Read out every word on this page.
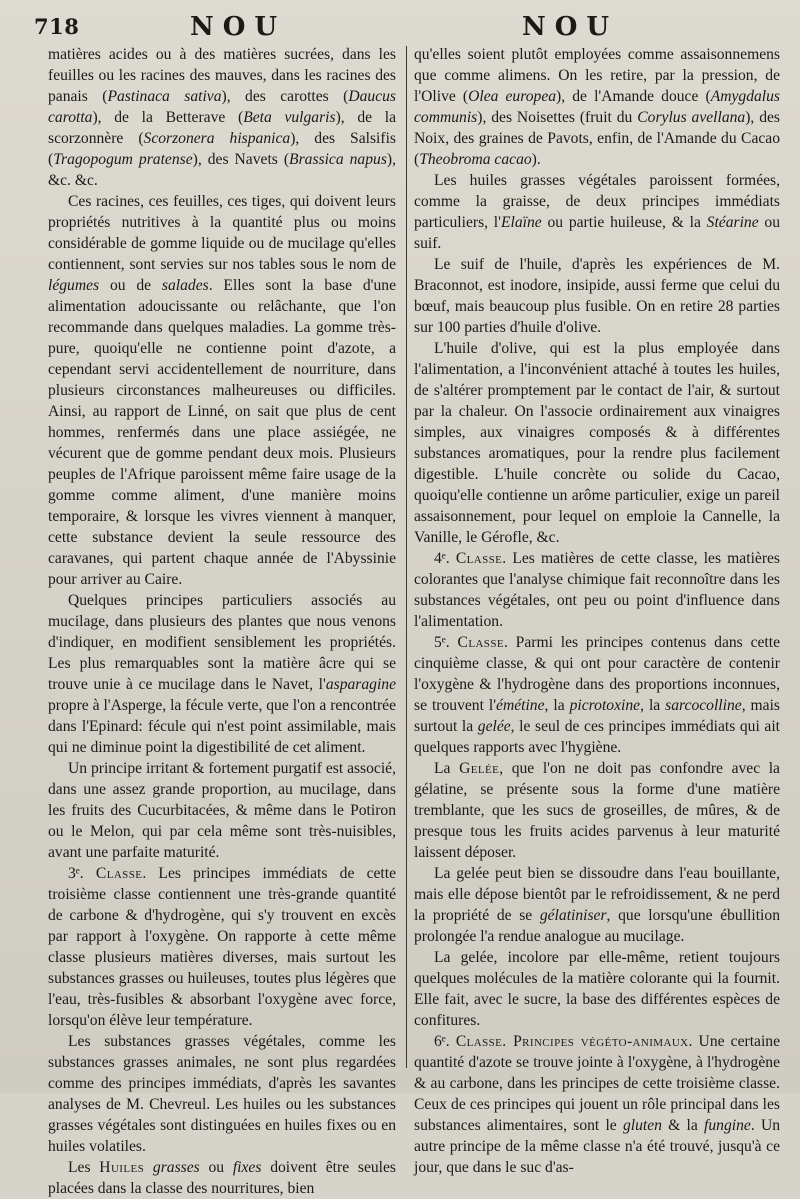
718	NOU	NOU

matières acides ou à des matières sucrées, dans les feuilles ou les racines des mauves, dans les racines des panais (Pastinaca sativa), des carottes (Daucus carotta), de la Betterave (Beta vulgaris), de la scorzonnère (Scorzonera hispanica), des Salsifis (Tragopogum pratense), des Navets (Brassica napus), &c. &c.

Ces racines, ces feuilles, ces tiges, qui doivent leurs propriétés nutritives à la quantité plus ou moins considérable de gomme liquide ou de mucilage qu'elles contiennent, sont servies sur nos tables sous le nom de légumes ou de salades. Elles sont la base d'une alimentation adoucissante ou relâchante, que l'on recommande dans quelques maladies. La gomme très-pure, quoiqu'elle ne contienne point d'azote, a cependant servi accidentellement de nourriture, dans plusieurs circonstances malheureuses ou difficiles. Ainsi, au rapport de Linné, on sait que plus de cent hommes, renfermés dans une place assiégée, ne vécurent que de gomme pendant deux mois. Plusieurs peuples de l'Afrique paroissent même faire usage de la gomme comme aliment, d'une manière moins temporaire, & lorsque les vivres viennent à manquer, cette substance devient la seule ressource des caravanes, qui partent chaque année de l'Abyssinie pour arriver au Caire.

Quelques principes particuliers associés au mucilage, dans plusieurs des plantes que nous venons d'indiquer, en modifient sensiblement les propriétés. Les plus remarquables sont la matière âcre qui se trouve unie à ce mucilage dans le Navet, l'asparagine propre à l'Asperge, la fécule verte, que l'on a rencontrée dans l'Epinard: fécule qui n'est point assimilable, mais qui ne diminue point la digestibilité de cet aliment.

Un principe irritant & fortement purgatif est associé, dans une assez grande proportion, au mucilage, dans les fruits des Cucurbitacées, & même dans le Potiron ou le Melon, qui par cela même sont très-nuisibles, avant une parfaite maturité.

3ᵉ. Classe. Les principes immédiats de cette troisième classe contiennent une très-grande quantité de carbone & d'hydrogène, qui s'y trouvent en excès par rapport à l'oxygène. On rapporte à cette même classe plusieurs matières diverses, mais surtout les substances grasses ou huileuses, toutes plus légères que l'eau, très-fusibles & absorbant l'oxygène avec force, lorsqu'on élève leur température.

Les substances grasses végétales, comme les substances grasses animales, ne sont plus regardées comme des principes immédiats, d'après les savantes analyses de M. Chevreul. Les huiles ou les substances grasses végétales sont distinguées en huiles fixes ou en huiles volatiles.

Les Huiles grasses ou fixes doivent être seules placées dans la classe des nourritures, bien

qu'elles soient plutôt employées comme assaisonnemens que comme alimens. On les retire, par la pression, de l'Olive (Olea europea), de l'Amande douce (Amygdalus communis), des Noisettes (fruit du Corylus avellana), des Noix, des graines de Pavots, enfin, de l'Amande du Cacao (Theobroma cacao).

Les huiles grasses végétales paroissent formées, comme la graisse, de deux principes immédiats particuliers, l'Elaïne ou partie huileuse, & la Stéarine ou suif.

Le suif de l'huile, d'après les expériences de M. Braconnot, est inodore, insipide, aussi ferme que celui du bœuf, mais beaucoup plus fusible. On en retire 28 parties sur 100 parties d'huile d'olive.

L'huile d'olive, qui est la plus employée dans l'alimentation, a l'inconvénient attaché à toutes les huiles, de s'altérer promptement par le contact de l'air, & surtout par la chaleur. On l'associe ordinairement aux vinaigres simples, aux vinaigres composés & à différentes substances aromatiques, pour la rendre plus facilement digestible. L'huile concrète ou solide du Cacao, quoiqu'elle contienne un arôme particulier, exige un pareil assaisonnement, pour lequel on emploie la Cannelle, la Vanille, le Gérofle, &c.

4ᵉ. Classe. Les matières de cette classe, les matières colorantes que l'analyse chimique fait reconnoître dans les substances végétales, ont peu ou point d'influence dans l'alimentation.

5ᵉ. Classe. Parmi les principes contenus dans cette cinquième classe, & qui ont pour caractère de contenir l'oxygène & l'hydrogène dans des proportions inconnues, se trouvent l'émétine, la picrotoxine, la sarcocolline, mais surtout la gelée, le seul de ces principes immédiats qui ait quelques rapports avec l'hygiène.

La Gelée, que l'on ne doit pas confondre avec la gélatine, se présente sous la forme d'une matière tremblante, que les sucs de groseilles, de mûres, & de presque tous les fruits acides parvenus à leur maturité laissent déposer.

La gelée peut bien se dissoudre dans l'eau bouillante, mais elle dépose bientôt par le refroidissement, & ne perd la propriété de se gélatiniser, que lorsqu'une ébullition prolongée l'a rendue analogue au mucilage.

La gelée, incolore par elle-même, retient toujours quelques molécules de la matière colorante qui la fournit. Elle fait, avec le sucre, la base des différentes espèces de confitures.

6ᵉ. Classe. Principes végéto-animaux. Une certaine quantité d'azote se trouve jointe à l'oxygène, à l'hydrogène & au carbone, dans les principes de cette troisième classe. Ceux de ces principes qui jouent un rôle principal dans les substances alimentaires, sont le gluten & la fungine. Un autre principe de la même classe n'a été trouvé, jusqu'à ce jour, que dans le suc d'as-
